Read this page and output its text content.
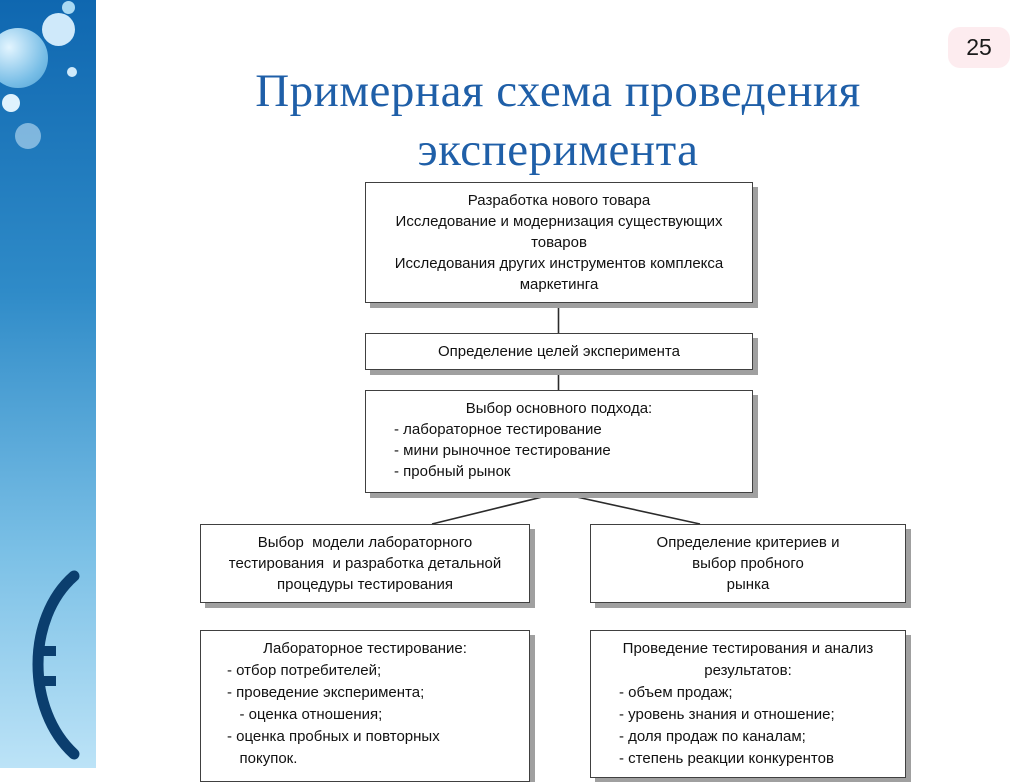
25
Примерная схема проведения
эксперимента
Разработка нового товара
Исследование и модернизация существующих
товаров
Исследования других инструментов комплекса
маркетинга
Определение целей эксперимента
Выбор основного подхода:
- лабораторное тестирование
- мини рыночное тестирование
- пробный рынок
Выбор  модели лабораторного
тестирования  и разработка детальной
процедуры тестирования
Определение критериев и
выбор пробного
рынка
Лабораторное тестирование:
- отбор потребителей;
- проведение эксперимента;
- оценка отношения;
- оценка пробных и повторных
покупок.
Проведение тестирования и анализ
результатов:
- объем продаж;
- уровень знания и отношение;
- доля продаж по каналам;
- степень реакции конкурентов
